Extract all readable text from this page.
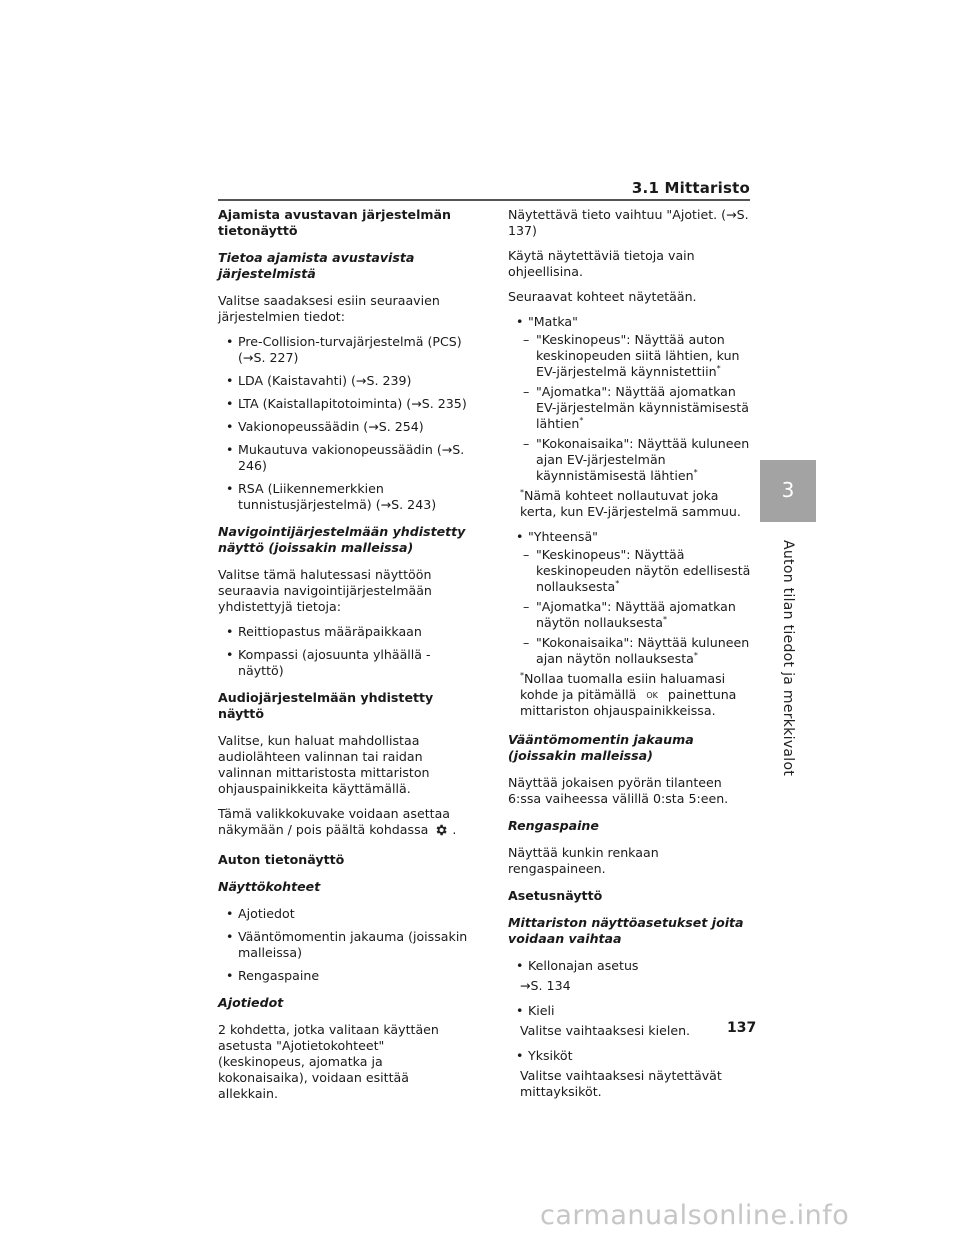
3.1 Mittaristo
Ajamista avustavan järjestelmän tietonäyttö
Tietoa ajamista avustavista järjestelmistä
Valitse saadaksesi esiin seuraavien järjestelmien tiedot:
• Pre-Collision-turvajärjestelmä (PCS) (→S. 227)
• LDA (Kaistavahti) (→S. 239)
• LTA (Kaistallapitotoiminta) (→S. 235)
• Vakionopeussäädin (→S. 254)
• Mukautuva vakionopeussäädin (→S. 246)
• RSA (Liikennemerkkien tunnistusjärjestelmä) (→S. 243)
Navigointijärjestelmään yhdistetty näyttö (joissakin malleissa)
Valitse tämä halutessasi näyttöön seuraavia navigointijärjestelmään yhdistettyjä tietoja:
• Reittiopastus määräpaikkaan
• Kompassi (ajosuunta ylhäällä -näyttö)
Audiojärjestelmään yhdistetty näyttö
Valitse, kun haluat mahdollistaa audiolähteen valinnan tai raidan valinnan mittaristosta mittariston ohjauspainikkeita käyttämällä.
Tämä valikkokuvake voidaan asettaa näkymään / pois päältä kohdassa .
Auton tietonäyttö
Näyttökohteet
• Ajotiedot
• Vääntömomentin jakauma (joissakin malleissa)
• Rengaspaine
Ajotiedot
2 kohdetta, jotka valitaan käyttäen asetusta "Ajotietokohteet" (keskinopeus, ajomatka ja kokonaisaika), voidaan esittää allekkain.
Näytettävä tieto vaihtuu "Ajotiet. (→S. 137)
Käytä näytettäviä tietoja vain ohjeellisina.
Seuraavat kohteet näytetään.
• "Matka"
– "Keskinopeus": Näyttää auton keskinopeuden siitä lähtien, kun EV-järjestelmä käynnistettiin*
– "Ajomatka": Näyttää ajomatkan EV-järjestelmän käynnistämisestä lähtien*
– "Kokonaisaika": Näyttää kuluneen ajan EV-järjestelmän käynnistämisestä lähtien*
*Nämä kohteet nollautuvat joka kerta, kun EV-järjestelmä sammuu.
• "Yhteensä"
– "Keskinopeus": Näyttää keskinopeuden näytön edellisestä nollauksesta*
– "Ajomatka": Näyttää ajomatkan näytön nollauksesta*
– "Kokonaisaika": Näyttää kuluneen ajan näytön nollauksesta*
*Nollaa tuomalla esiin haluamasi kohde ja pitämällä OK painettuna mittariston ohjauspainikkeissa.
Vääntömomentin jakauma (joissakin malleissa)
Näyttää jokaisen pyörän tilanteen 6:ssa vaiheessa välillä 0:sta 5:een.
Rengaspaine
Näyttää kunkin renkaan rengaspaineen.
Asetusnäyttö
Mittariston näyttöasetukset joita voidaan vaihtaa
• Kellonajan asetus
→S. 134
• Kieli
Valitse vaihtaaksesi kielen.
• Yksiköt
Valitse vaihtaaksesi näytettävät mittayksiköt.
3
Auton tilan tiedot ja merkkivalot
137
carmanualsonline.info
